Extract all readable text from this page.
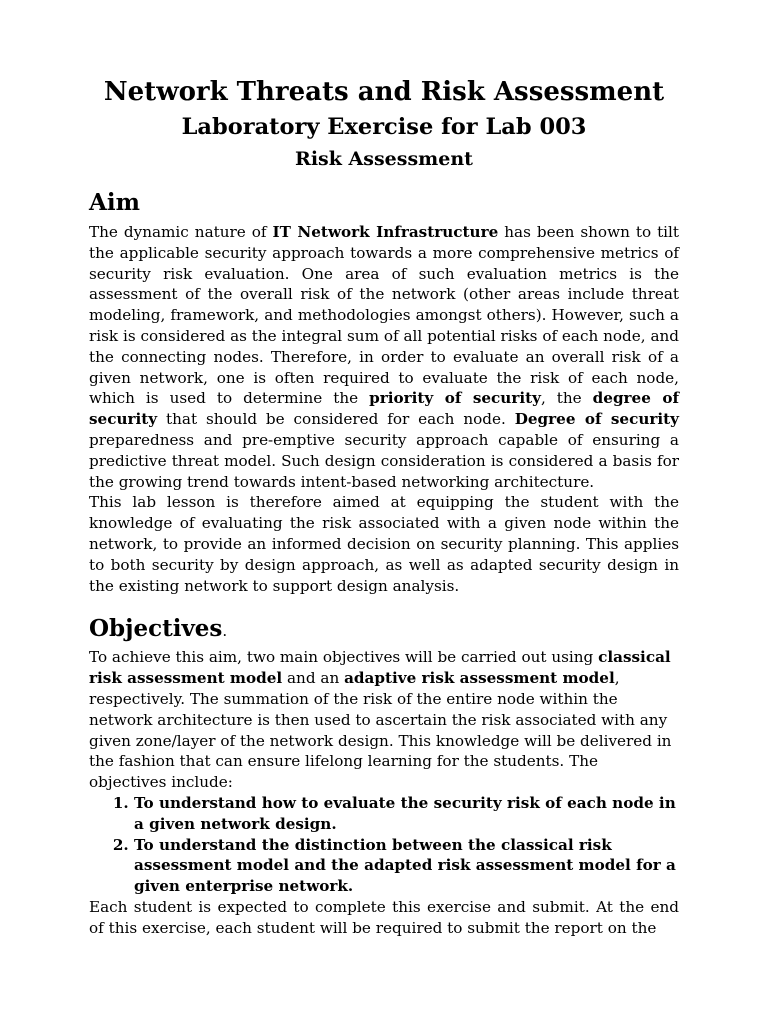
Network Threats and Risk Assessment
Laboratory Exercise for Lab 003
Risk Assessment
Aim

The dynamic nature of IT Network Infrastructure has been shown to tilt the applicable security approach towards a more comprehensive metrics of security risk evaluation. One area of such evaluation metrics is the assessment of the overall risk of the network (other areas include threat modeling, framework, and methodologies amongst others). However, such a risk is considered as the integral sum of all potential risks of each node, and the connecting nodes. Therefore, in order to evaluate an overall risk of a given network, one is often required to evaluate the risk of each node, which is used to determine the priority of security, the degree of security that should be considered for each node. Degree of security preparedness and pre-emptive security approach capable of ensuring a predictive threat model. Such design consideration is considered a basis for the growing trend towards intent-based networking architecture.

This lab lesson is therefore aimed at equipping the student with the knowledge of evaluating the risk associated with a given node within the network, to provide an informed decision on security planning. This applies to both security by design approach, as well as adapted security design in the existing network to support design analysis.

Objectives.

To achieve this aim, two main objectives will be carried out using classical risk assessment model and an adaptive risk assessment model, respectively. The summation of the risk of the entire node within the network architecture is then used to ascertain the risk associated with any given zone/layer of the network design. This knowledge will be delivered in the fashion that can ensure lifelong learning for the students. The objectives include:

1. To understand how to evaluate the security risk of each node in a given network design.
2. To understand the distinction between the classical risk assessment model and the adapted risk assessment model for a given enterprise network.

Each student is expected to complete this exercise and submit. At the end of this exercise, each student will be required to submit the report on the
